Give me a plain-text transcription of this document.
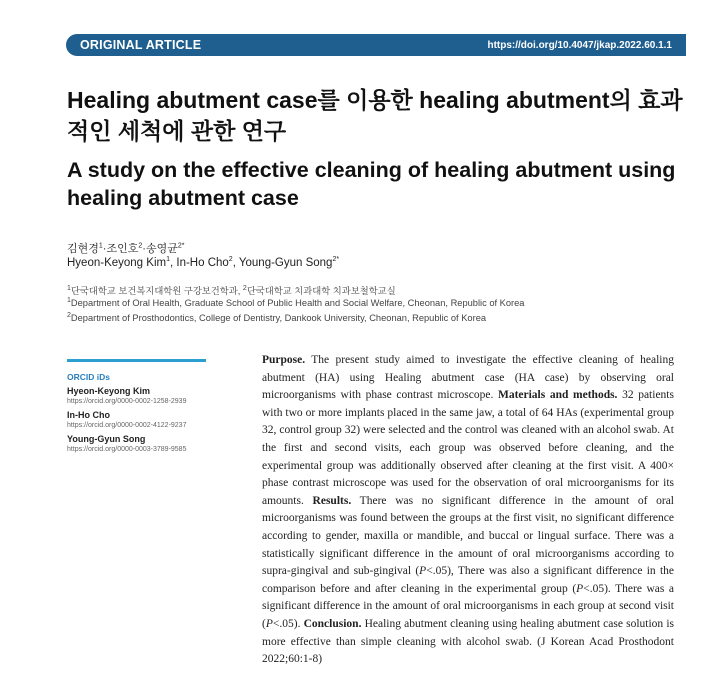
ORIGINAL ARTICLE	https://doi.org/10.4047/jkap.2022.60.1.1
Healing abutment case를 이용한 healing abutment의 효과적인 세척에 관한 연구
A study on the effective cleaning of healing abutment using healing abutment case
김현경$^1$·조인호$^2$·송영균$^{2*}$
Hyeon-Keyong Kim$^1$, In-Ho Cho$^2$, Young-Gyun Song$^{2*}$
$^1$단국대학교 보건복지대학원 구강보건학과, $^2$단국대학교 치과대학 치과보철학교실
$^1$Department of Oral Health, Graduate School of Public Health and Social Welfare, Cheonan, Republic of Korea
$^2$Department of Prosthodontics, College of Dentistry, Dankook University, Cheonan, Republic of Korea
ORCID iDs
Hyeon-Keyong Kim
https://orcid.org/0000-0002-1258-2939
In-Ho Cho
https://orcid.org/0000-0002-4122-9237
Young-Gyun Song
https://orcid.org/0000-0003-3789-9585

Purpose. The present study aimed to investigate the effective cleaning of healing abutment (HA) using Healing abutment case (HA case) by observing oral microorganisms with phase contrast microscope. Materials and methods. 32 patients with two or more implants placed in the same jaw, a total of 64 HAs (experimental group 32, control group 32) were selected and the control was cleaned with an alcohol swab. At the first and second visits, each group was observed before cleaning, and the experimental group was additionally observed after cleaning at the first visit. A 400× phase contrast microscope was used for the observation of oral microorganisms for its amounts. Results. There was no significant difference in the amount of oral microorganisms was found between the groups at the first visit, no significant difference according to gender, maxilla or mandible, and buccal or lingual surface. There was a statistically significant difference in the amount of oral microorganisms according to supra-gingival and sub-gingival (P<.05), There was also a significant difference in the comparison before and after cleaning in the experimental group (P<.05). There was a significant difference in the amount of oral microorganisms in each group at second visit (P<.05). Conclusion. Healing abutment cleaning using healing abutment case solution is more effective than simple cleaning with alcohol swab. (J Korean Acad Prosthodont 2022;60:1-8)
